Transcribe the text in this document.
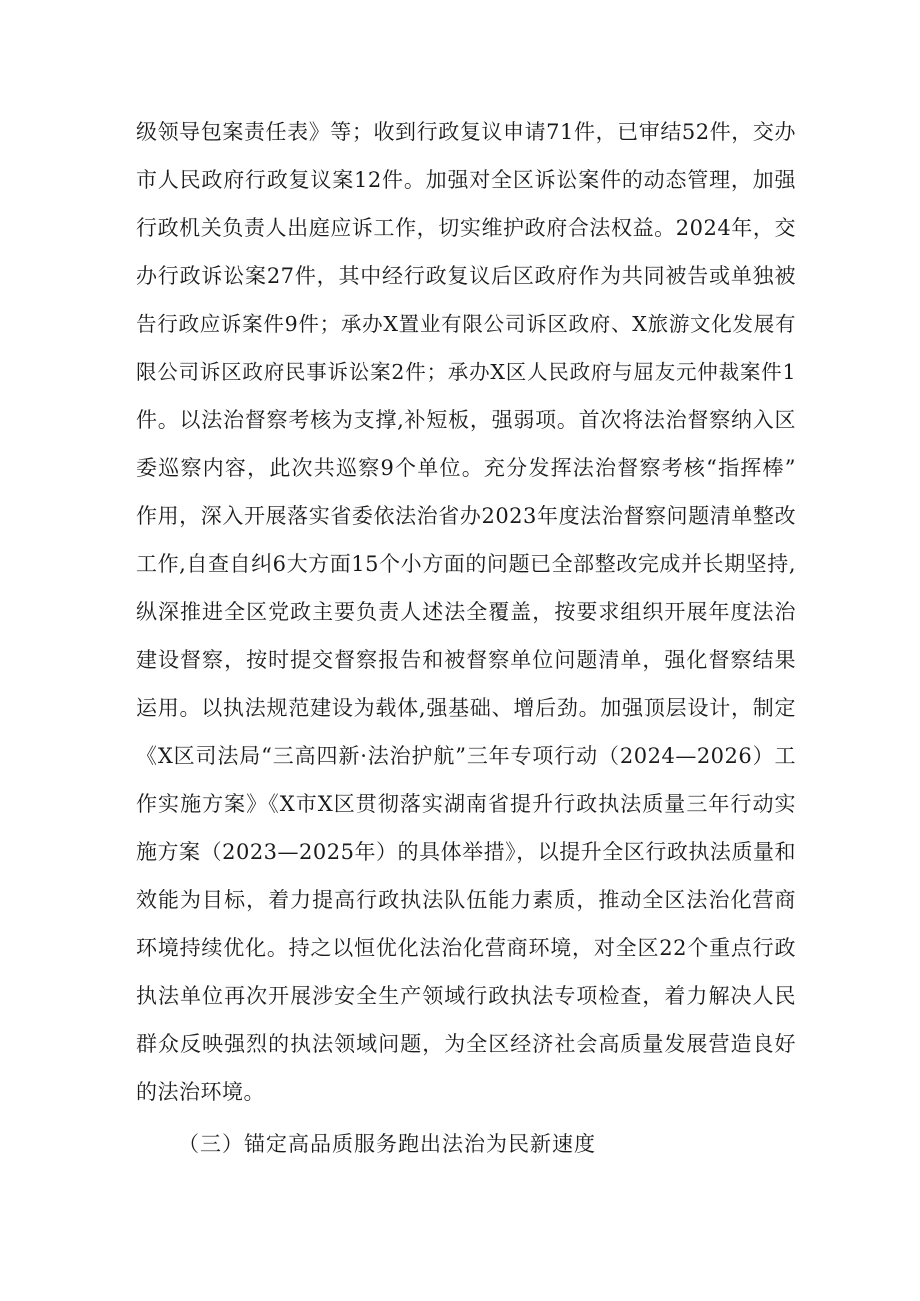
级领导包案责任表》等；收到行政复议申请71件，已审结52件，交办
市人民政府行政复议案12件。加强对全区诉讼案件的动态管理，加强
行政机关负责人出庭应诉工作，切实维护政府合法权益。2024年，交
办行政诉讼案27件，其中经行政复议后区政府作为共同被告或单独被
告行政应诉案件9件；承办X置业有限公司诉区政府、X旅游文化发展有
限公司诉区政府民事诉讼案2件；承办X区人民政府与屈友元仲裁案件1
件。以法治督察考核为支撑,补短板，强弱项。首次将法治督察纳入区
委巡察内容，此次共巡察9个单位。充分发挥法治督察考核“指挥棒”
作用，深入开展落实省委依法治省办2023年度法治督察问题清单整改
工作,自查自纠6大方面15个小方面的问题已全部整改完成并长期坚持,
纵深推进全区党政主要负责人述法全覆盖，按要求组织开展年度法治
建设督察，按时提交督察报告和被督察单位问题清单，强化督察结果
运用。以执法规范建设为载体,强基础、增后劲。加强顶层设计，制定
《X区司法局“三高四新·法治护航”三年专项行动（2024—2026）工
作实施方案》《X市X区贯彻落实湖南省提升行政执法质量三年行动实
施方案（2023—2025年）的具体举措》，以提升全区行政执法质量和
效能为目标，着力提高行政执法队伍能力素质，推动全区法治化营商
环境持续优化。持之以恒优化法治化营商环境，对全区22个重点行政
执法单位再次开展涉安全生产领域行政执法专项检查，着力解决人民
群众反映强烈的执法领域问题，为全区经济社会高质量发展营造良好
的法治环境。
（三）锚定高品质服务跑出法治为民新速度
